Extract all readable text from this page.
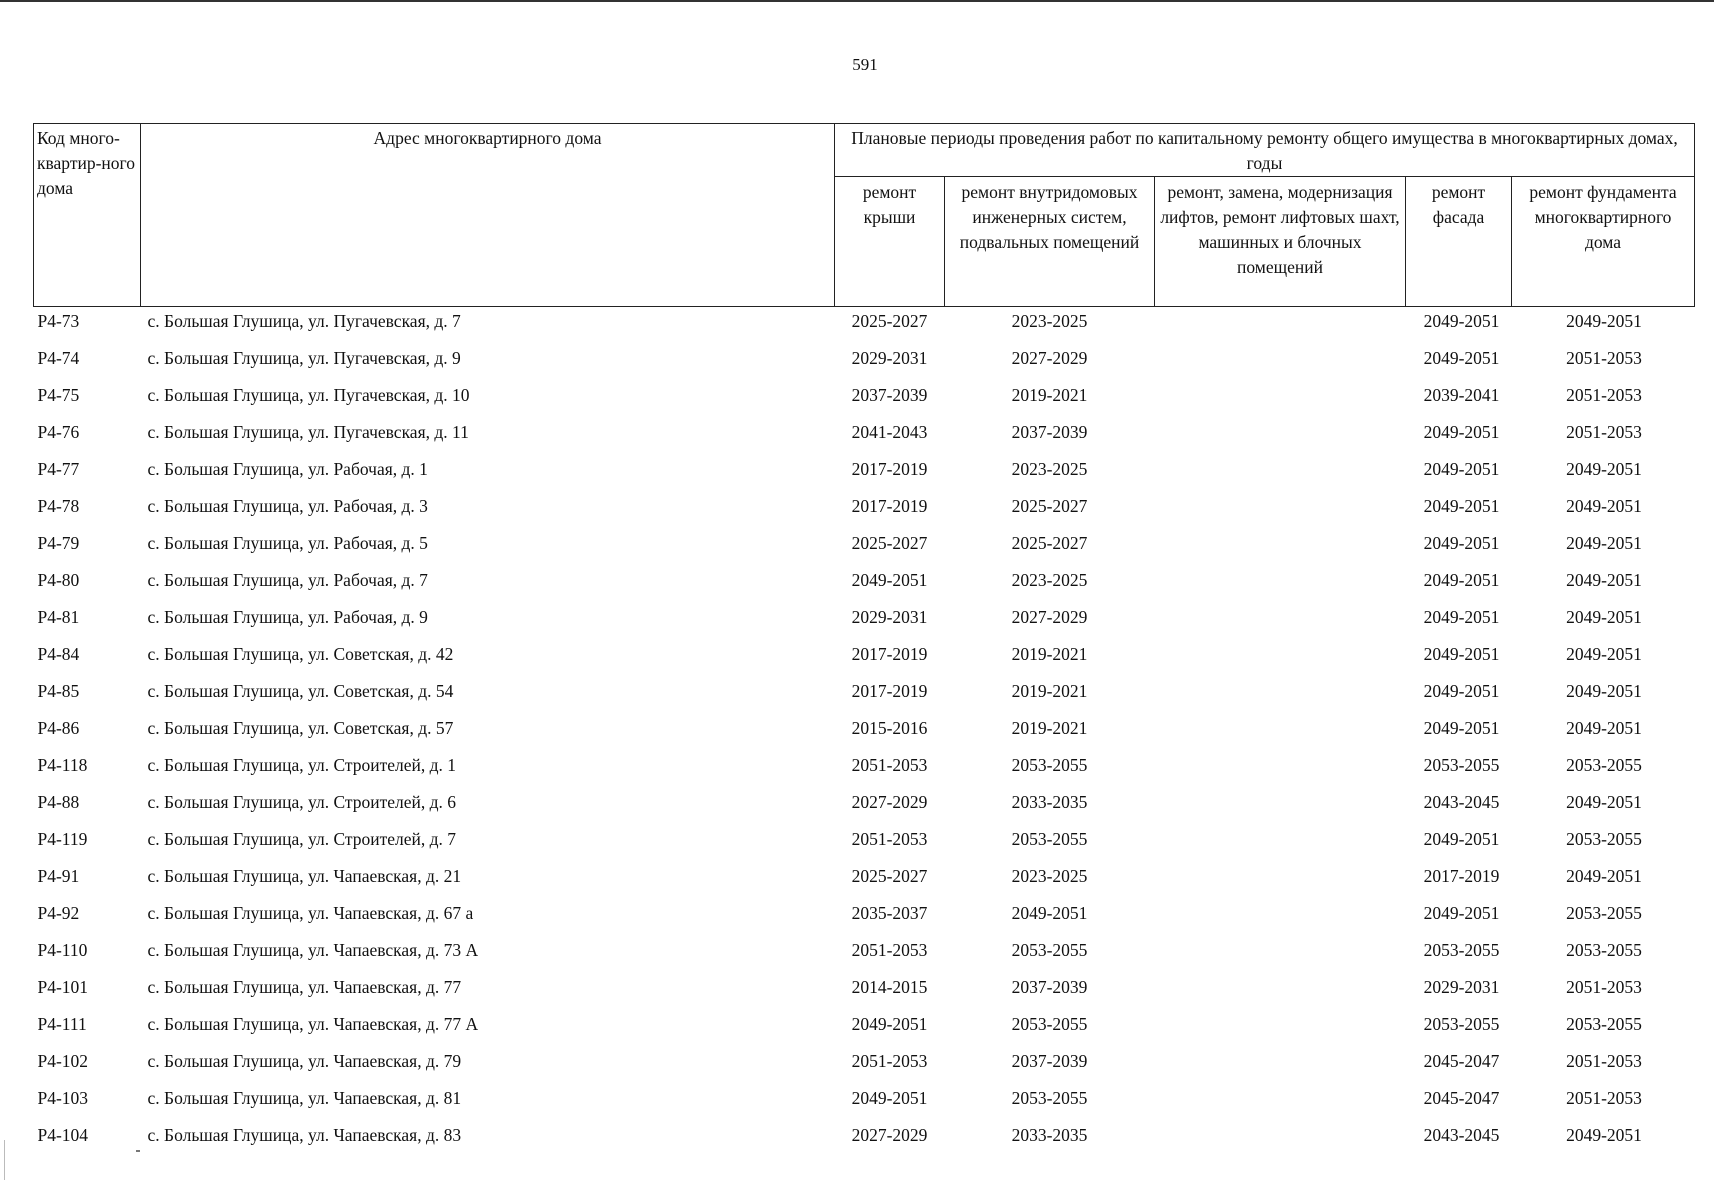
591
Код много-квартир-ного дома	Адрес многоквартирного дома	Плановые периоды проведения работ по капитальному ремонту общего имущества в многоквартирных домах, годы				
		ремонт крыши	ремонт внутридомовых инженерных систем, подвальных помещений	ремонт, замена, модернизация лифтов, ремонт лифтовых шахт, машинных и блочных помещений	ремонт фасада	ремонт фундамента многоквартирного дома
Р4-73	с. Большая Глушица, ул. Пугачевская, д. 7	2025-2027	2023-2025		2049-2051	2049-2051
Р4-74	с. Большая Глушица, ул. Пугачевская, д. 9	2029-2031	2027-2029		2049-2051	2051-2053
Р4-75	с. Большая Глушица, ул. Пугачевская, д. 10	2037-2039	2019-2021		2039-2041	2051-2053
Р4-76	с. Большая Глушица, ул. Пугачевская, д. 11	2041-2043	2037-2039		2049-2051	2051-2053
Р4-77	с. Большая Глушица, ул. Рабочая, д. 1	2017-2019	2023-2025		2049-2051	2049-2051
Р4-78	с. Большая Глушица, ул. Рабочая, д. 3	2017-2019	2025-2027		2049-2051	2049-2051
Р4-79	с. Большая Глушица, ул. Рабочая, д. 5	2025-2027	2025-2027		2049-2051	2049-2051
Р4-80	с. Большая Глушица, ул. Рабочая, д. 7	2049-2051	2023-2025		2049-2051	2049-2051
Р4-81	с. Большая Глушица, ул. Рабочая, д. 9	2029-2031	2027-2029		2049-2051	2049-2051
Р4-84	с. Большая Глушица, ул. Советская, д. 42	2017-2019	2019-2021		2049-2051	2049-2051
Р4-85	с. Большая Глушица, ул. Советская, д. 54	2017-2019	2019-2021		2049-2051	2049-2051
Р4-86	с. Большая Глушица, ул. Советская, д. 57	2015-2016	2019-2021		2049-2051	2049-2051
Р4-118	с. Большая Глушица, ул. Строителей, д. 1	2051-2053	2053-2055		2053-2055	2053-2055
Р4-88	с. Большая Глушица, ул. Строителей, д. 6	2027-2029	2033-2035		2043-2045	2049-2051
Р4-119	с. Большая Глушица, ул. Строителей, д. 7	2051-2053	2053-2055		2049-2051	2053-2055
Р4-91	с. Большая Глушица, ул. Чапаевская, д. 21	2025-2027	2023-2025		2017-2019	2049-2051
Р4-92	с. Большая Глушица, ул. Чапаевская, д. 67 а	2035-2037	2049-2051		2049-2051	2053-2055
Р4-110	с. Большая Глушица, ул. Чапаевская, д. 73 А	2051-2053	2053-2055		2053-2055	2053-2055
Р4-101	с. Большая Глушица, ул. Чапаевская, д. 77	2014-2015	2037-2039		2029-2031	2051-2053
Р4-111	с. Большая Глушица, ул. Чапаевская, д. 77 А	2049-2051	2053-2055		2053-2055	2053-2055
Р4-102	с. Большая Глушица, ул. Чапаевская, д. 79	2051-2053	2037-2039		2045-2047	2051-2053
Р4-103	с. Большая Глушица, ул. Чапаевская, д. 81	2049-2051	2053-2055		2045-2047	2051-2053
Р4-104	с. Большая Глушица, ул. Чапаевская, д. 83	2027-2029	2033-2035		2043-2045	2049-2051
